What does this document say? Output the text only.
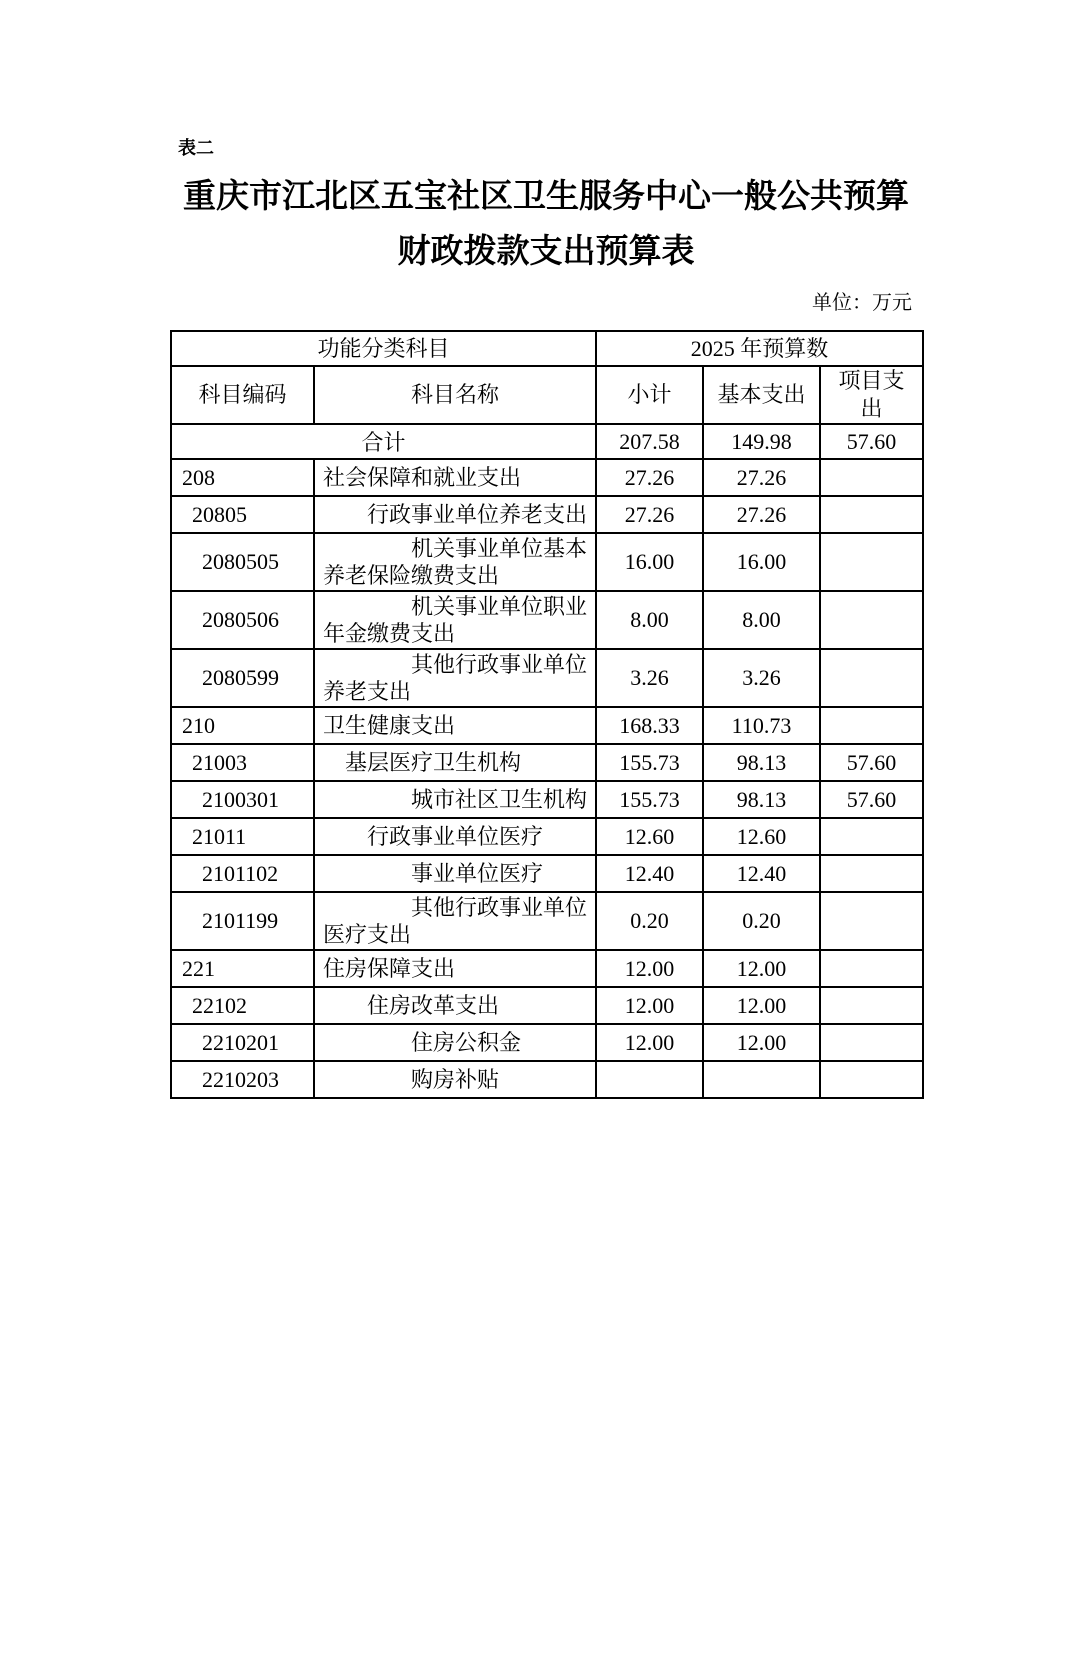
表二
重庆市江北区五宝社区卫生服务中心一般公共预算
财政拨款支出预算表
单位：万元
功能分类科目		2025 年预算数		
科目编码	科目名称	小计	基本支出	项目支出
合计		207.58	149.98	57.60
208	社会保障和就业支出	27.26	27.26	
20805	行政事业单位养老支出	27.26	27.26	
2080505	机关事业单位基本养老保险缴费支出	16.00	16.00	
2080506	机关事业单位职业年金缴费支出	8.00	8.00	
2080599	其他行政事业单位养老支出	3.26	3.26	
210	卫生健康支出	168.33	110.73	
21003	基层医疗卫生机构	155.73	98.13	57.60
2100301	城市社区卫生机构	155.73	98.13	57.60
21011	行政事业单位医疗	12.60	12.60	
2101102	事业单位医疗	12.40	12.40	
2101199	其他行政事业单位医疗支出	0.20	0.20	
221	住房保障支出	12.00	12.00	
22102	住房改革支出	12.00	12.00	
2210201	住房公积金	12.00	12.00	
2210203	购房补贴			
